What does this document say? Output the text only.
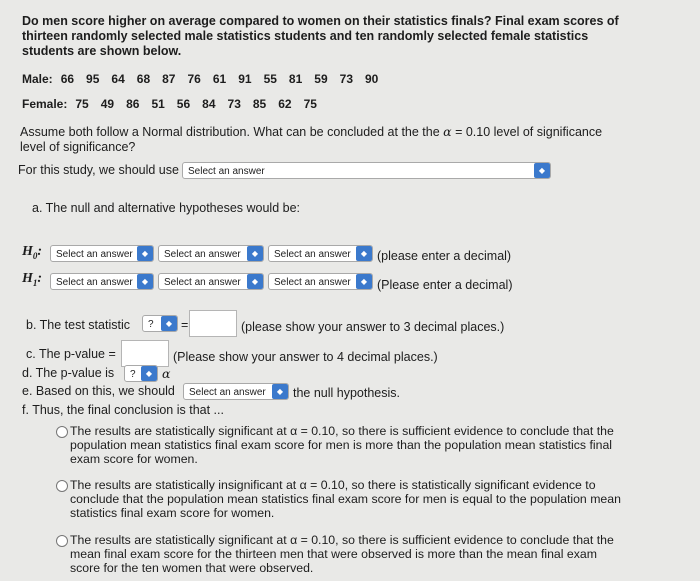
Do men score higher on average compared to women on their statistics finals? Final exam scores of thirteen randomly selected male statistics students and ten randomly selected female statistics students are shown below.
Male: 66 95 64 68 87 76 61 91 55 81 59 73 90
Female: 75 49 86 51 56 84 73 85 62 75
Assume both follow a Normal distribution. What can be concluded at the the α = 0.10 level of significance level of significance?
For this study, we should use Select an answer	◆
a. The null and alternative hypotheses would be:
$H_0$:	Select an answer	◆	Select an answer	◆	Select an answer	◆ (please enter a decimal)
$H_1$:	Select an answer	◆	Select an answer	◆	Select an answer	◆ (Please enter a decimal)
b. The test statistic	?	◆ =	(please show your answer to 3 decimal places.)
c. The p-value =	(Please show your answer to 4 decimal places.)
d. The p-value is	?	◆ α
e. Based on this, we should	Select an answer	◆ the null hypothesis.
f. Thus, the final conclusion is that ...
The results are statistically significant at α = 0.10, so there is sufficient evidence to conclude that the population mean statistics final exam score for men is more than the population mean statistics final exam score for women.
The results are statistically insignificant at α = 0.10, so there is statistically significant evidence to conclude that the population mean statistics final exam score for men is equal to the population mean statistics final exam score for women.
The results are statistically significant at α = 0.10, so there is sufficient evidence to conclude that the mean final exam score for the thirteen men that were observed is more than the mean final exam score for the ten women that were observed.
